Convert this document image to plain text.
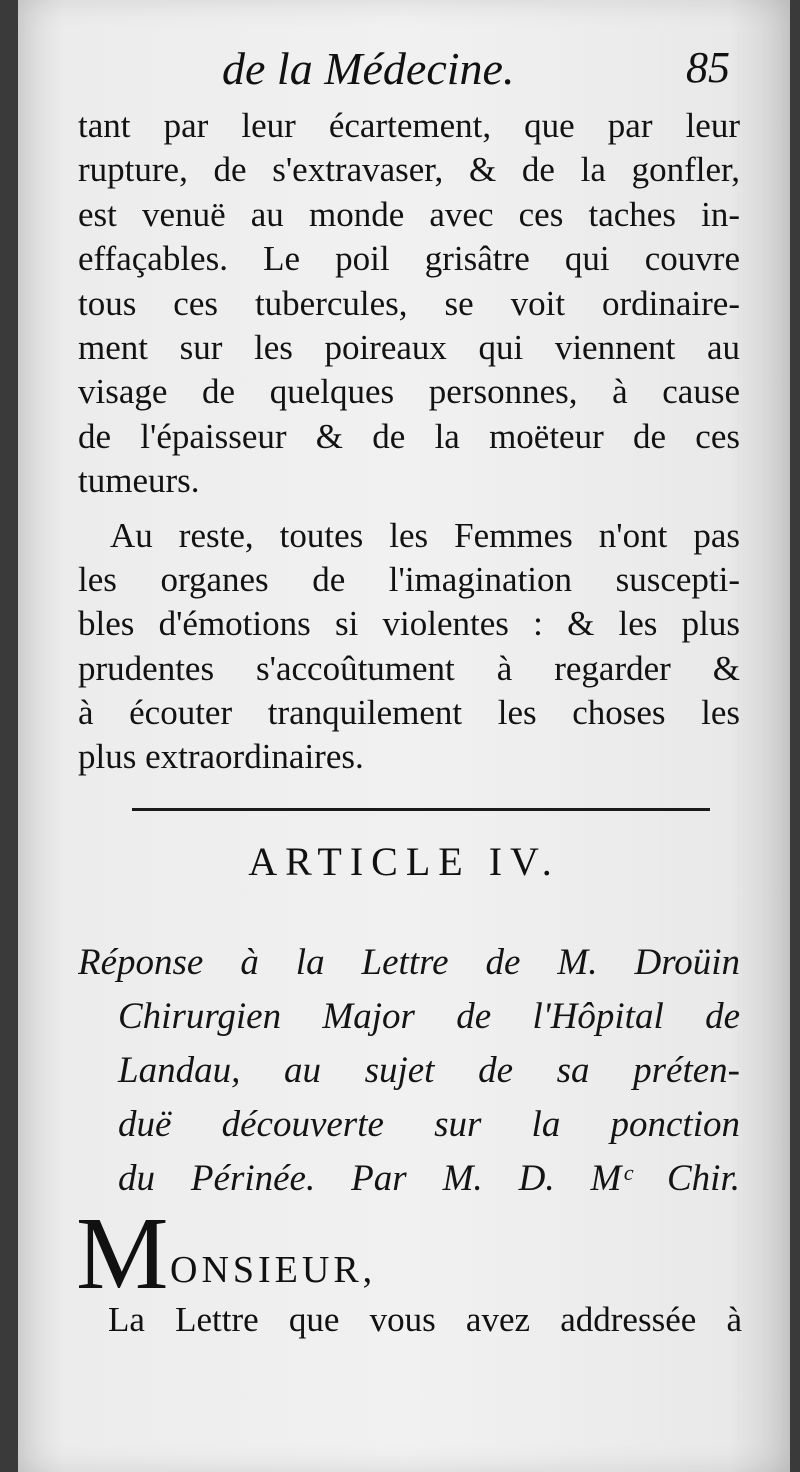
⠀
⠀
⠀
⠀
⠀
⠀
⠀
⠀
⠀
⠀
de la Médecine.	85
tant par leur écartement, que par leur
rupture, de s'extravaser, & de la gonfler,
est venuë au monde avec ces taches in-
effaçables. Le poil grisâtre qui couvre
tous ces tubercules, se voit ordinaire-
ment sur les poireaux qui viennent au
visage de quelques personnes, à cause
de l'épaisseur & de la moëteur de ces
tumeurs.
Au reste, toutes les Femmes n'ont pas
les organes de l'imagination suscepti-
bles d'émotions si violentes : & les plus
prudentes s'accoûtument à regarder &
à écouter tranquilement les choses les
plus extraordinaires.
ARTICLE IV.
Réponse à la Lettre de M. Droüin
Chirurgien Major de l'Hôpital de
Landau, au sujet de sa préten-
duë découverte sur la ponction
du Périnée. Par M. D. Mᶜ Chir.
M ONSIEUR,
La Lettre que vous avez addressée à
